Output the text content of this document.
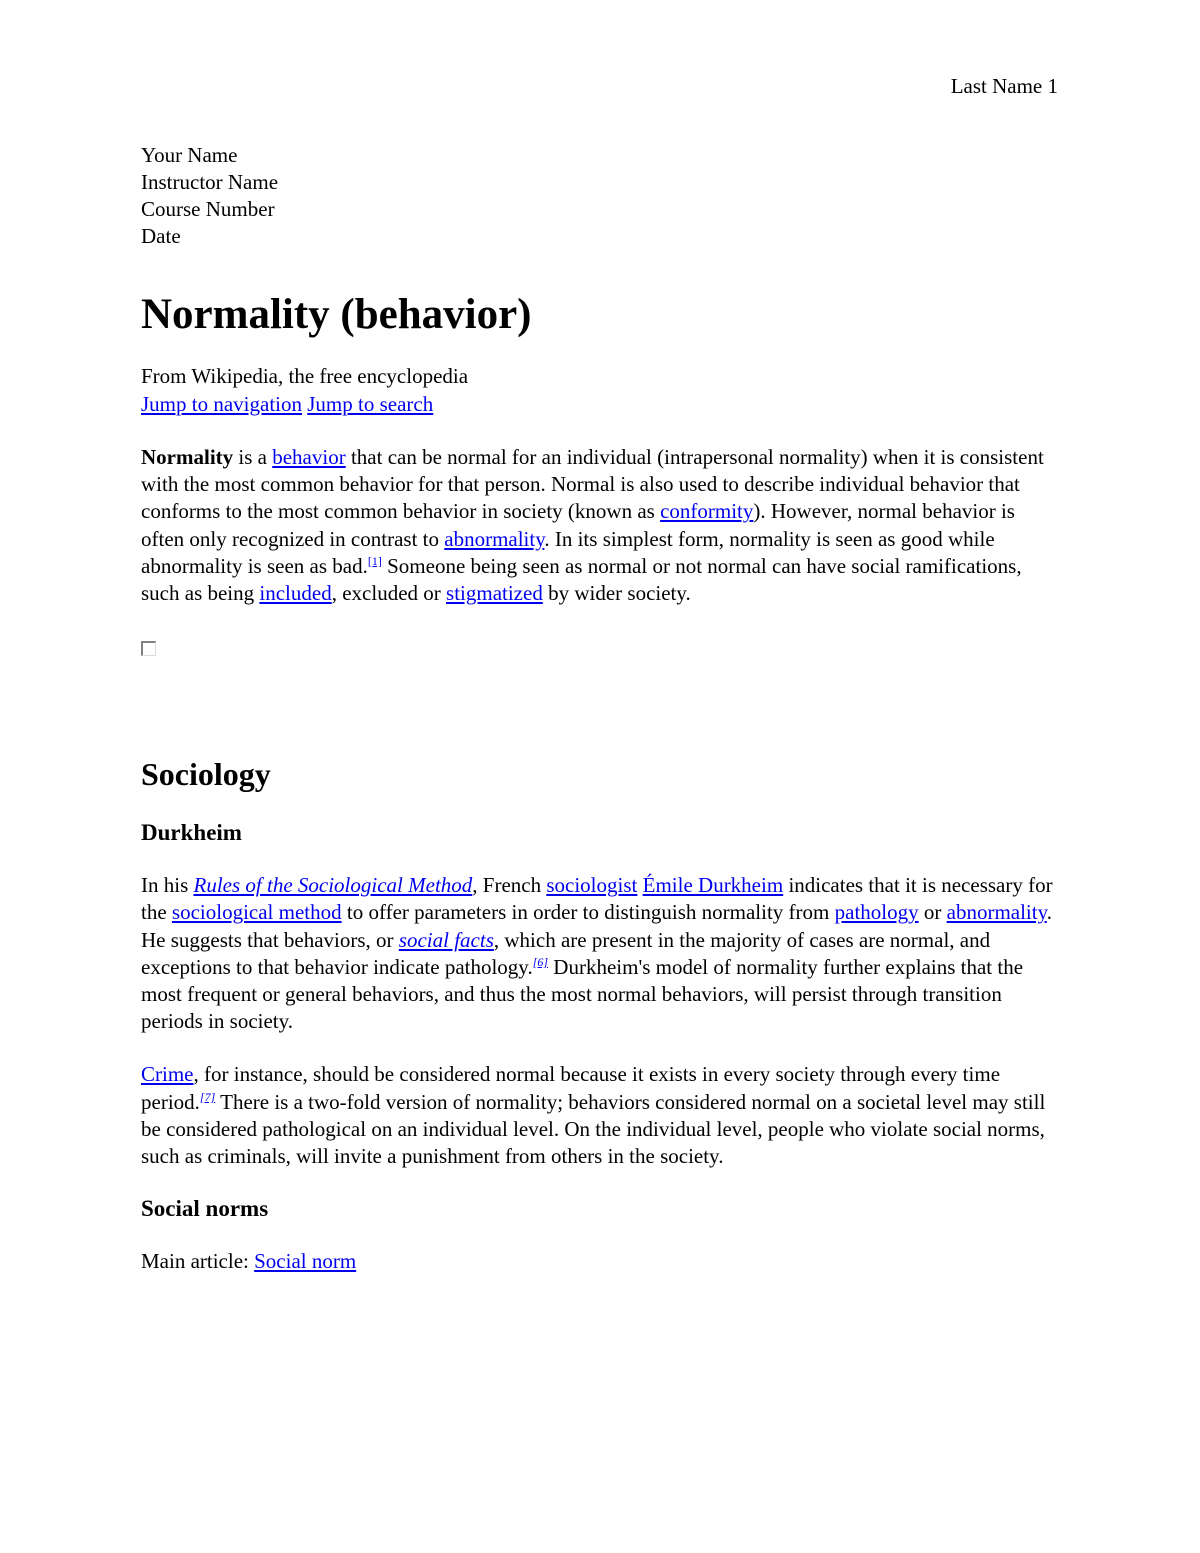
Last Name 1
Your Name
Instructor Name
Course Number
Date
Normality (behavior)
From Wikipedia, the free encyclopedia
Jump to navigation Jump to search

Normality is a behavior that can be normal for an individual (intrapersonal normality) when it is consistent with the most common behavior for that person. Normal is also used to describe individual behavior that conforms to the most common behavior in society (known as conformity). However, normal behavior is often only recognized in contrast to abnormality. In its simplest form, normality is seen as good while abnormality is seen as bad.[1] Someone being seen as normal or not normal can have social ramifications, such as being included, excluded or stigmatized by wider society.

Sociology
Durkheim

In his Rules of the Sociological Method, French sociologist Émile Durkheim indicates that it is necessary for the sociological method to offer parameters in order to distinguish normality from pathology or abnormality. He suggests that behaviors, or social facts, which are present in the majority of cases are normal, and exceptions to that behavior indicate pathology.[6] Durkheim's model of normality further explains that the most frequent or general behaviors, and thus the most normal behaviors, will persist through transition periods in society.

Crime, for instance, should be considered normal because it exists in every society through every time period.[7] There is a two-fold version of normality; behaviors considered normal on a societal level may still be considered pathological on an individual level. On the individual level, people who violate social norms, such as criminals, will invite a punishment from others in the society.

Social norms
Main article: Social norm
